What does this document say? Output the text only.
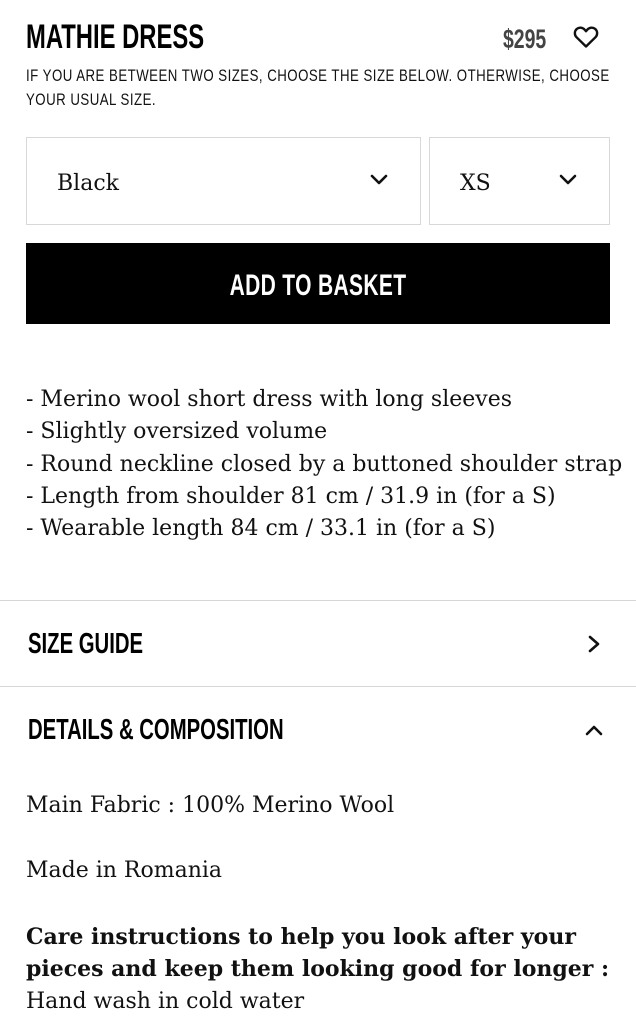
MATHIE DRESS	$295
IF YOU ARE BETWEEN TWO SIZES, CHOOSE THE SIZE BELOW. OTHERWISE, CHOOSE YOUR USUAL SIZE.
Black	XS
ADD TO BASKET
- Merino wool short dress with long sleeves
- Slightly oversized volume
- Round neckline closed by a buttoned shoulder strap
- Length from shoulder 81 cm / 31.9 in (for a S)
- Wearable length 84 cm / 33.1 in (for a S)
SIZE GUIDE
DETAILS & COMPOSITION

Main Fabric : 100% Merino Wool

Made in Romania

Care instructions to help you look after your pieces and keep them looking good for longer :
Hand wash in cold water
